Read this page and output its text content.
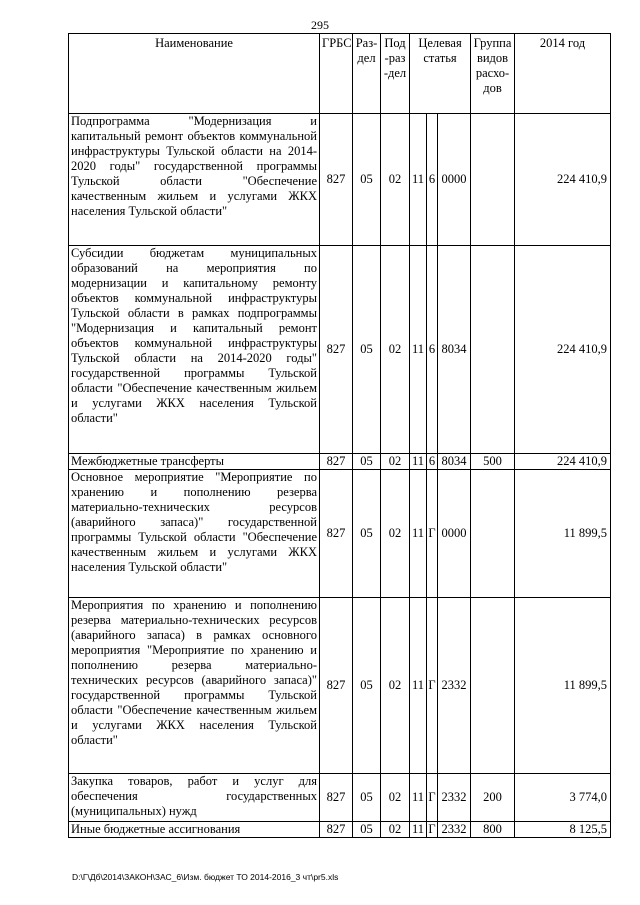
295
Наименование	ГРБС	Раз-дел	Под-раз-дел	Целевая статья			Группа видов расхо-дов	2014 год
Подпрограмма "Модернизация и капитальный ремонт объектов коммунальной инфраструктуры Тульской области на 2014-2020 годы" государственной программы Тульской области "Обеспечение качественным жильем и услугами ЖКХ населения Тульской области"	827	05	02	11	6	0000		224 410,9
Субсидии бюджетам муниципальных образований на мероприятия по модернизации и капитальному ремонту объектов коммунальной инфраструктуры Тульской области в рамках подпрограммы "Модернизация и капитальный ремонт объектов коммунальной инфраструктуры Тульской области на 2014-2020 годы" государственной программы Тульской области "Обеспечение качественным жильем и услугами ЖКХ населения Тульской области"	827	05	02	11	6	8034		224 410,9
Межбюджетные трансферты	827	05	02	11	6	8034	500	224 410,9
Основное мероприятие "Мероприятие по хранению и пополнению резерва материально-технических ресурсов (аварийного запаса)" государственной программы Тульской области "Обеспечение качественным жильем и услугами ЖКХ населения Тульской области"	827	05	02	11	Г	0000		11 899,5
Мероприятия по хранению и пополнению резерва материально-технических ресурсов (аварийного запаса) в рамках основного мероприятия "Мероприятие по хранению и пополнению резерва материально-технических ресурсов (аварийного запаса)" государственной программы Тульской области "Обеспечение качественным жильем и услугами ЖКХ населения Тульской области"	827	05	02	11	Г	2332		11 899,5
Закупка товаров, работ и услуг для обеспечения государственных (муниципальных) нужд	827	05	02	11	Г	2332	200	3 774,0
Иные бюджетные ассигнования	827	05	02	11	Г	2332	800	8 125,5
D:\Г\Дб\2014\ЗАКОН\ЗАС_6\Изм. бюджет ТО 2014-2016_3 чт\pr5.xls
